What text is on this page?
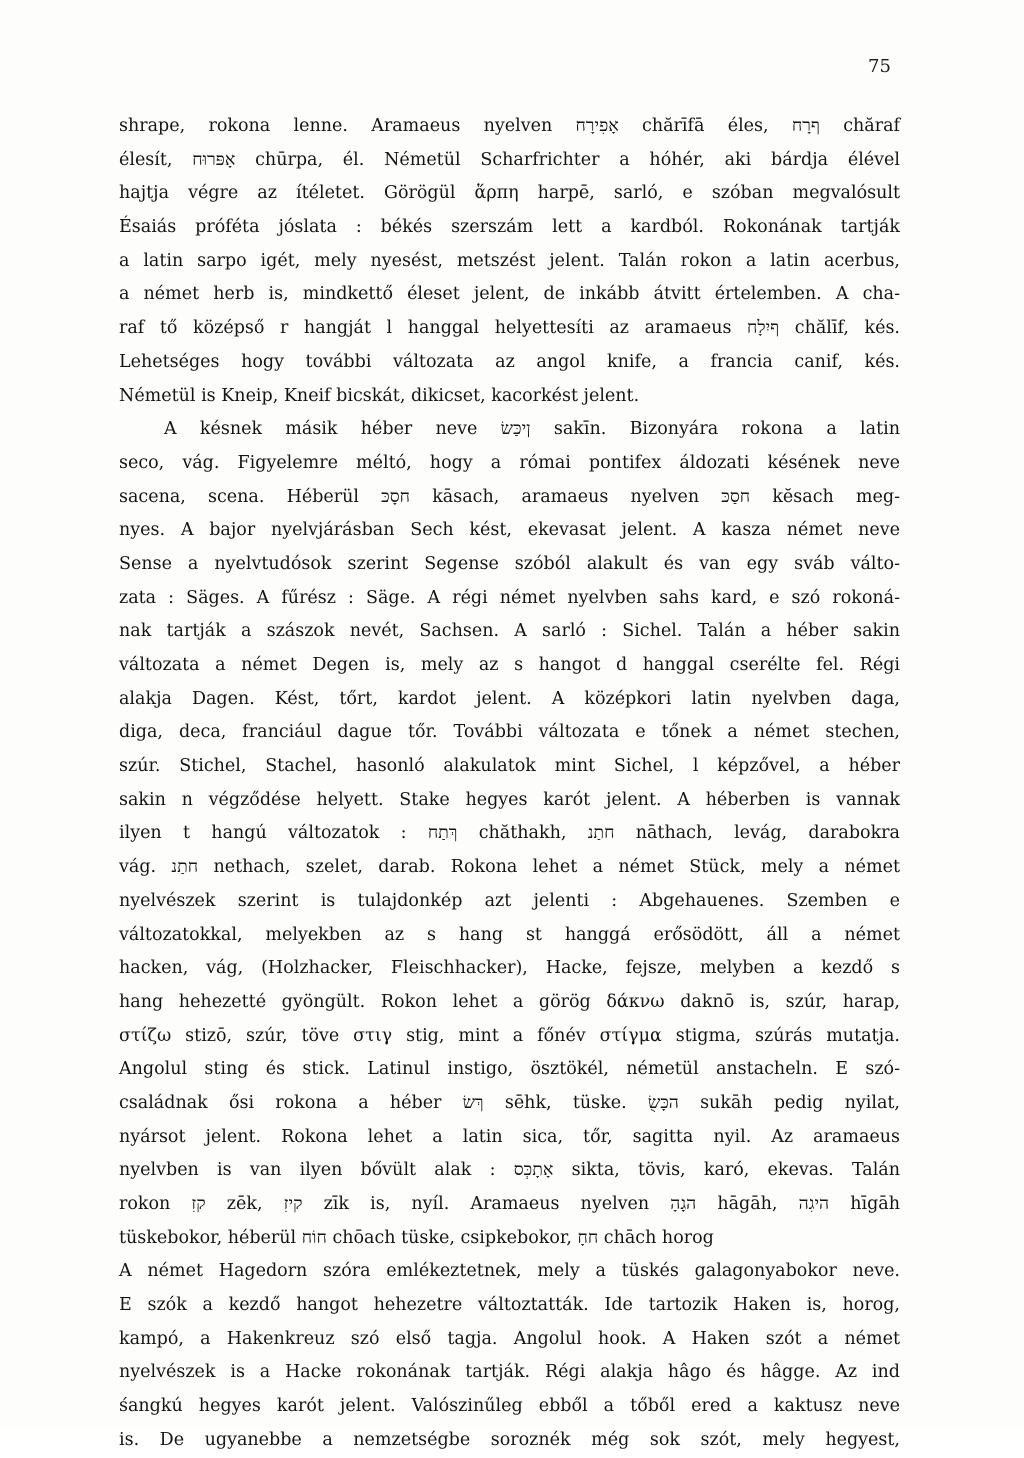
75
shrape, rokona lenne. Aramaeus nyelven אָפִירָח chărīfā éles, ףרָח chăraf
élesít, אָפּרוּח chūrpa, él. Németül Scharfrichter a hóhér, aki bárdja élével
hajtja végre az ítéletet. Görögül ἅρπη harpē, sarló, e szóban megvalósult
Ésaiás próféta jóslata : békés szerszám lett a kardból. Rokonának tartják
a latin sarpo igét, mely nyesést, metszést jelent. Talán rokon a latin acerbus,
a német herb is, mindkettő éleset jelent, de inkább átvitt értelemben. A cha-
raf tő középső r hangját l hanggal helyettesíti az aramaeus ףיִלָח chălīf, kés.
Lehetséges hogy további változata az angol knife, a francia canif, kés.
Németül is Kneip, Kneif bicskát, dikicset, kacorkést jelent.
A késnek másik héber neve ןיכַּשׂ sakīn. Bizonyára rokona a latin
seco, vág. Figyelemre méltó, hogy a római pontifex áldozati késének neve
sacena, scena. Héberül חסָכּ kāsach, aramaeus nyelven חסַכּ kĕsach meg-
nyes. A bajor nyelvjárásban Sech kést, ekevasat jelent. A kasza német neve
Sense a nyelvtudósok szerint Segense szóból alakult és van egy sváb válto-
zata : Säges. A fűrész : Säge. A régi német nyelvben sahs kard, e szó rokoná-
nak tartják a szászok nevét, Sachsen. A sarló : Sichel. Talán a héber sakin
változata a német Degen is, mely az s hangot d hanggal cserélte fel. Régi
alakja Dagen. Kést, tőrt, kardot jelent. A középkori latin nyelvben daga,
diga, deca, franciául dague tőr. További változata e tőnek a német stechen,
szúr. Stichel, Stachel, hasonló alakulatok mint Sichel, l képzővel, a héber
sakin n végződése helyett. Stake hegyes karót jelent. A héberben is vannak
ilyen t hangú változatok : ךְתַח chăthakh, חתַנ nāthach, levág, darabokra
vág. חתַנ nethach, szelet, darab. Rokona lehet a német Stück, mely a német
nyelvészek szerint is tulajdonkép azt jelenti : Abgehauenes. Szemben e
változatokkal, melyekben az s hang st hanggá erősödött, áll a német
hacken, vág, (Holzhacker, Fleischhacker), Hacke, fejsze, melyben a kezdő s
hang hehezetté gyöngült. Rokon lehet a görög δάκνω daknō is, szúr, harap,
στίζω stizō, szúr, töve στιγ stig, mint a főnév στίγμα stigma, szúrás mutatja.
Angolul sting és stick. Latinul instigo, ösztökél, németül anstacheln. E szó-
családnak ősi rokona a héber ךְשׂ sēhk, tüske. הכָּשֻׂ sukāh pedig nyilat,
nyársot jelent. Rokona lehet a latin sica, tőr, sagitta nyil. Az aramaeus
nyelvben is van ilyen bővült alak : אָתָכְּס sikta, tövis, karó, ekevas. Talán
rokon קזִ zēk, קיזִ zīk is, nyíl. Aramaeus nyelven הגָהָ hāgāh, היגִה hīgāh
tüskebokor, héberül חוֹח chōach tüske, csipkebokor, חחָ chāch horog
A német Hagedorn szóra emlékeztetnek, mely a tüskés galagonyabokor neve.
E szók a kezdő hangot hehezetre változtatták. Ide tartozik Haken is, horog,
kampó, a Hakenkreuz szó első tagja. Angolul hook. A Haken szót a német
nyelvészek is a Hacke rokonának tartják. Régi alakja hâgo és hâgge. Az ind
śangkú hegyes karót jelent. Valószinűleg ebből a tőből ered a kaktusz neve
is. De ugyanebbe a nemzetségbe soroznék még sok szót, mely hegyest,
